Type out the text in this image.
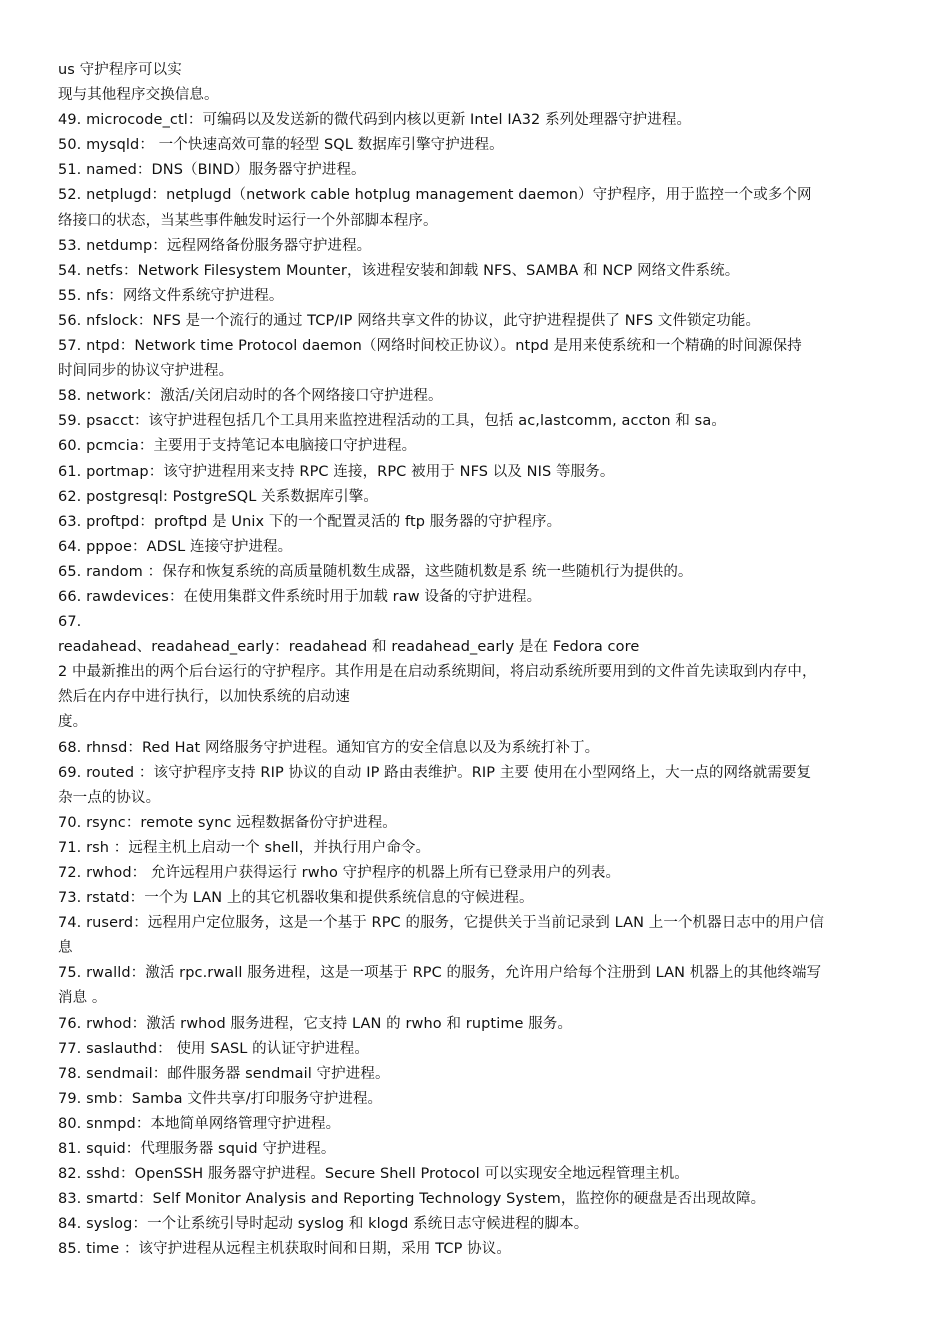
us 守护程序可以实

现与其他程序交换信息。

49. microcode_ctl：可编码以及发送新的微代码到内核以更新 Intel IA32 系列处理器守护进程。

50. mysqld： 一个快速高效可靠的轻型 SQL 数据库引擎守护进程。

51. named：DNS（BIND）服务器守护进程。

52. netplugd：netplugd（network cable hotplug management daemon）守护程序，用于监控一个或多个网

络接口的状态，当某些事件触发时运行一个外部脚本程序。

53. netdump：远程网络备份服务器守护进程。

54. netfs：Network Filesystem Mounter，该进程安装和卸载 NFS、SAMBA 和 NCP 网络文件系统。

55. nfs：网络文件系统守护进程。

56. nfslock：NFS 是一个流行的通过 TCP/IP 网络共享文件的协议，此守护进程提供了 NFS 文件锁定功能。

57. ntpd：Network time Protocol daemon（网络时间校正协议）。ntpd 是用来使系统和一个精确的时间源保持

时间同步的协议守护进程。

58. network：激活/关闭启动时的各个网络接口守护进程。

59. psacct：该守护进程包括几个工具用来监控进程活动的工具，包括 ac,lastcomm, accton 和 sa。

60. pcmcia：主要用于支持笔记本电脑接口守护进程。

61. portmap：该守护进程用来支持 RPC 连接，RPC 被用于 NFS 以及 NIS 等服务。

62. postgresql: PostgreSQL 关系数据库引擎。

63. proftpd：proftpd 是 Unix 下的一个配置灵活的 ftp 服务器的守护程序。

64. pppoe：ADSL 连接守护进程。

65. random ：保存和恢复系统的高质量随机数生成器，这些随机数是系 统一些随机行为提供的。

66. rawdevices：在使用集群文件系统时用于加载 raw 设备的守护进程。

67.

readahead、readahead_early：readahead 和 readahead_early 是在 Fedora core

2 中最新推出的两个后台运行的守护程序。其作用是在启动系统期间，将启动系统所要用到的文件首先读取到内存中，

然后在内存中进行执行，以加快系统的启动速

度。

68. rhnsd：Red Hat 网络服务守护进程。通知官方的安全信息以及为系统打补丁。

69. routed ：该守护程序支持 RIP 协议的自动 IP 路由表维护。RIP 主要 使用在小型网络上，大一点的网络就需要复

杂一点的协议。

70. rsync：remote sync 远程数据备份守护进程。

71. rsh ：远程主机上启动一个 shell，并执行用户命令。

72. rwhod： 允许远程用户获得运行 rwho 守护程序的机器上所有已登录用户的列表。

73. rstatd：一个为 LAN 上的其它机器收集和提供系统信息的守候进程。

74. ruserd：远程用户定位服务，这是一个基于 RPC 的服务，它提供关于当前记录到 LAN 上一个机器日志中的用户信

息

75. rwalld：激活 rpc.rwall 服务进程，这是一项基于 RPC 的服务，允许用户给每个注册到 LAN 机器上的其他终端写

消息 。

76. rwhod：激活 rwhod 服务进程，它支持 LAN 的 rwho 和 ruptime 服务。

77. saslauthd： 使用 SASL 的认证守护进程。

78. sendmail：邮件服务器 sendmail 守护进程。

79. smb：Samba 文件共享/打印服务守护进程。

80. snmpd：本地简单网络管理守护进程。

81. squid：代理服务器 squid 守护进程。

82. sshd：OpenSSH 服务器守护进程。Secure Shell Protocol 可以实现安全地远程管理主机。

83. smartd：Self Monitor Analysis and Reporting Technology System，监控你的硬盘是否出现故障。

84. syslog：一个让系统引导时起动 syslog 和 klogd 系统日志守候进程的脚本。

85. time ：该守护进程从远程主机获取时间和日期，采用 TCP 协议。
